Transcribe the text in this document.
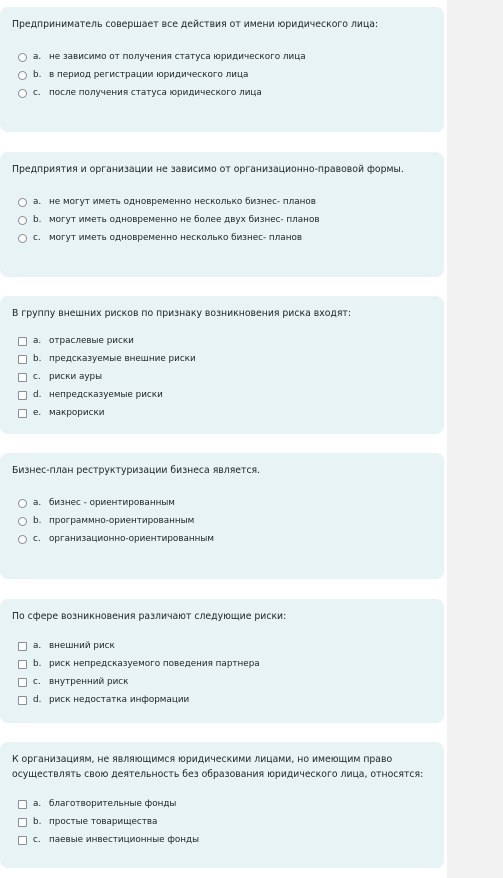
Предприниматель совершает все действия от имени юридического лица:

a. не зависимо от получения статуса юридического лица
b. в период регистрации юридического лица
c. после получения статуса юридического лица

Предприятия и организации не зависимо от организационно-правовой формы.

a. не могут иметь одновременно несколько бизнес- планов
b. могут иметь одновременно не более двух бизнес- планов
c. могут иметь одновременно несколько бизнес- планов

В группу внешних рисков по признаку возникновения риска входят:

a. отраслевые риски
b. предсказуемые внешние риски
c. риски ауры
d. непредсказуемые риски
e. макрориски

Бизнес-план реструктуризации бизнеса является.

a. бизнес - ориентированным
b. программно-ориентированным
c. организационно-ориентированным

По сфере возникновения различают следующие риски:

a. внешний риск
b. риск непредсказуемого поведения партнера
c. внутренний риск
d. риск недостатка информации

К организациям, не являющимся юридическими лицами, но имеющим право осуществлять свою деятельность без образования юридического лица, относятся:

a. благотворительные фонды
b. простые товарищества
c. паевые инвестиционные фонды
